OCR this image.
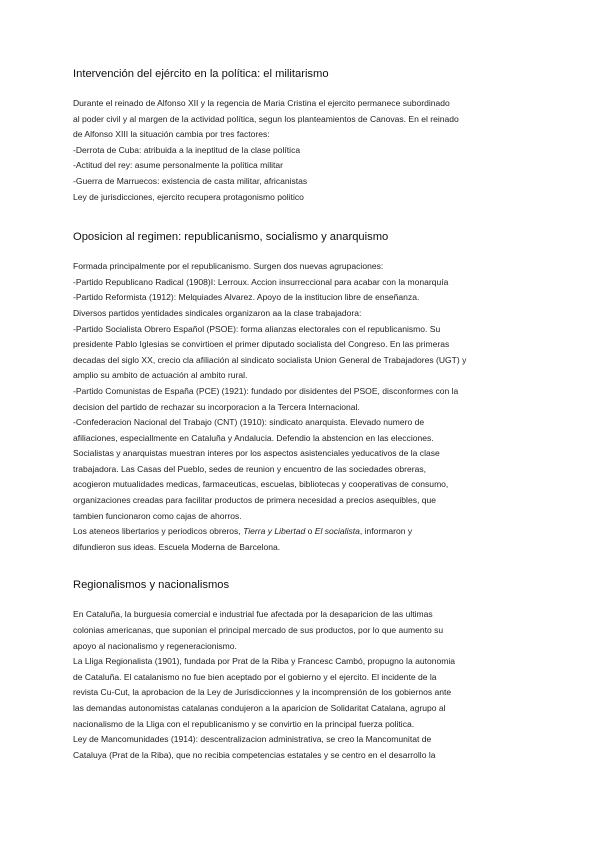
Intervención del ejército en la política: el militarismo

Durante el reinado de Alfonso XII y la regencia de Maria Cristina el ejercito permanece subordinado

al poder civil y al margen de la actividad política, segun los planteamientos de Canovas. En el reinado

de Alfonso XIII la situación cambia por tres factores:

-Derrota de Cuba: atribuida a la ineptitud de la clase política

-Actitud del rey: asume personalmente la política militar

-Guerra de Marruecos: existencia de casta militar, africanistas

Ley de jurisdicciones, ejercito recupera protagonismo politico

Oposicion al regimen: republicanismo, socialismo y anarquismo

Formada principalmente por el republicanismo. Surgen dos nuevas agrupaciones:

-Partido Republicano Radical (1908)I: Lerroux. Accion insurreccional para acabar con la monarquía

-Partido Reformista (1912): Melquiades Alvarez. Apoyo de la institucion libre de enseñanza.

Diversos partidos yentidades sindicales organizaron aa la clase trabajadora:

-Partido Socialista Obrero Español (PSOE): forma alianzas electorales con el republicanismo. Su

presidente Pablo Iglesias se convirtioen el primer diputado socialista del Congreso. En las primeras

decadas del siglo XX, crecio cla afiliación al sindicato socialista Union General de Trabajadores (UGT) y

amplio su ambito de actuación al ambito rural.

-Partido Comunistas de España (PCE) (1921): fundado por disidentes del PSOE, disconformes con la

decision del partido de rechazar su incorporacion a la Tercera Internacional.

-Confederacion Nacional del Trabajo (CNT) (1910): sindicato anarquista. Elevado numero de

afiliaciones, especiallmente en Cataluña y Andalucia. Defendio la abstencion en las elecciones.

Socialistas y anarquistas muestran interes por los aspectos asistenciales yeducativos de la clase

trabajadora. Las Casas del Pueblo, sedes de reunion y encuentro de las sociedades obreras,

acogieron mutualidades medicas, farmaceuticas, escuelas, bibliotecas y cooperativas de consumo,

organizaciones creadas para facilitar productos de primera necesidad a precios asequibles, que

tambien funcionaron como cajas de ahorros.

Los ateneos libertarios y periodicos obreros, Tierra y Libertad o El socialista, informaron y

difundieron sus ideas. Escuela Moderna de Barcelona.

Regionalismos y nacionalismos

En Cataluña, la burguesia comercial e industrial fue afectada por la desaparicion de las ultimas

colonias americanas, que suponian el principal mercado de sus productos, por lo que aumento su

apoyo al nacionalismo y regeneracionismo.

La Lliga Regionalista (1901), fundada por Prat de la Riba y Francesc Cambó, propugno la autonomia

de Cataluña. El catalanismo no fue bien aceptado por el gobierno y el ejercito. El incidente de la

revista Cu-Cut, la aprobacion de la Ley de Jurisdiccionnes y la incomprensión de los gobiernos ante

las demandas autonomistas catalanas condujeron a la aparicion de Solidaritat Catalana, agrupo al

nacionalismo de la Lliga con el republicanismo y se convirtio en la principal fuerza politica.

Ley de Mancomunidades (1914): descentralizacion administrativa, se creo la Mancomunitat de

Cataluya (Prat de la Riba), que no recibia competencias estatales y se centro en el desarrollo la
